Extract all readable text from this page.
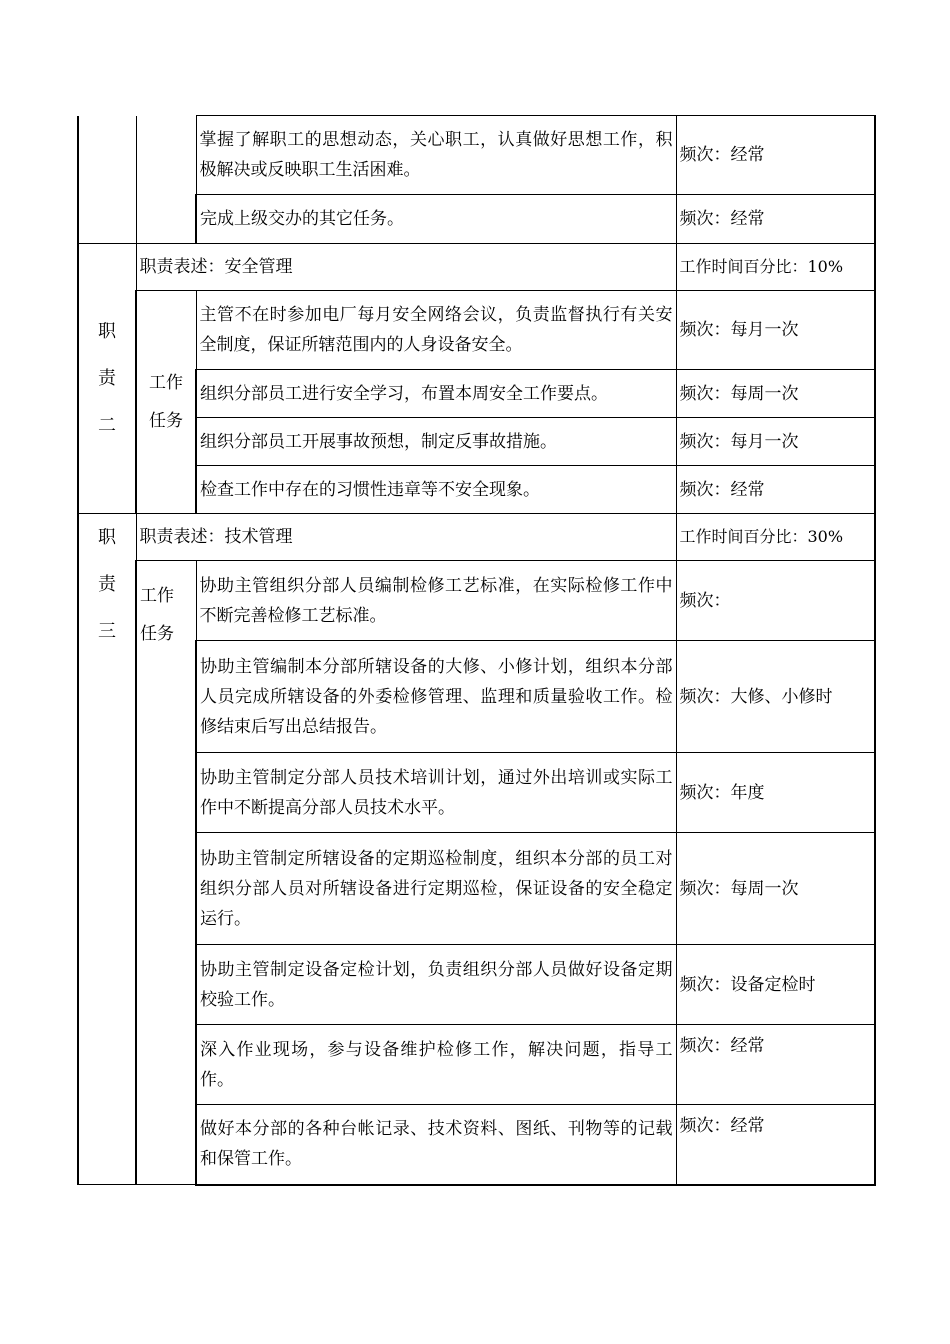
		掌握了解职工的思想动态，关心职工，认真做好思想工作，积极解决或反映职工生活困难。	频次：经常

		完成上级交办的其它任务。	频次：经常

职
责
二	职责表述：安全管理		工作时间百分比：10%

	工作
任务	主管不在时参加电厂每月安全网络会议，负责监督执行有关安全制度，保证所辖范围内的人身设备安全。	频次：每月一次

		组织分部员工进行安全学习，布置本周安全工作要点。	频次：每周一次

		组织分部员工开展事故预想，制定反事故措施。	频次：每月一次

		检查工作中存在的习惯性违章等不安全现象。	频次：经常

职
责
三	职责表述：技术管理		工作时间百分比：30%

	工作
任务	协助主管组织分部人员编制检修工艺标准，在实际检修工作中不断完善检修工艺标准。	频次：

		协助主管编制本分部所辖设备的大修、小修计划，组织本分部人员完成所辖设备的外委检修管理、监理和质量验收工作。检修结束后写出总结报告。	频次：大修、小修时

		协助主管制定分部人员技术培训计划，通过外出培训或实际工作中不断提高分部人员技术水平。	频次：年度

		协助主管制定所辖设备的定期巡检制度，组织本分部的员工对组织分部人员对所辖设备进行定期巡检，保证设备的安全稳定运行。	频次：每周一次

		协助主管制定设备定检计划，负责组织分部人员做好设备定期校验工作。	频次：设备定检时

		深入作业现场，参与设备维护检修工作，解决问题，指导工作。	频次：经常

		做好本分部的各种台帐记录、技术资料、图纸、刊物等的记载和保管工作。	频次：经常
